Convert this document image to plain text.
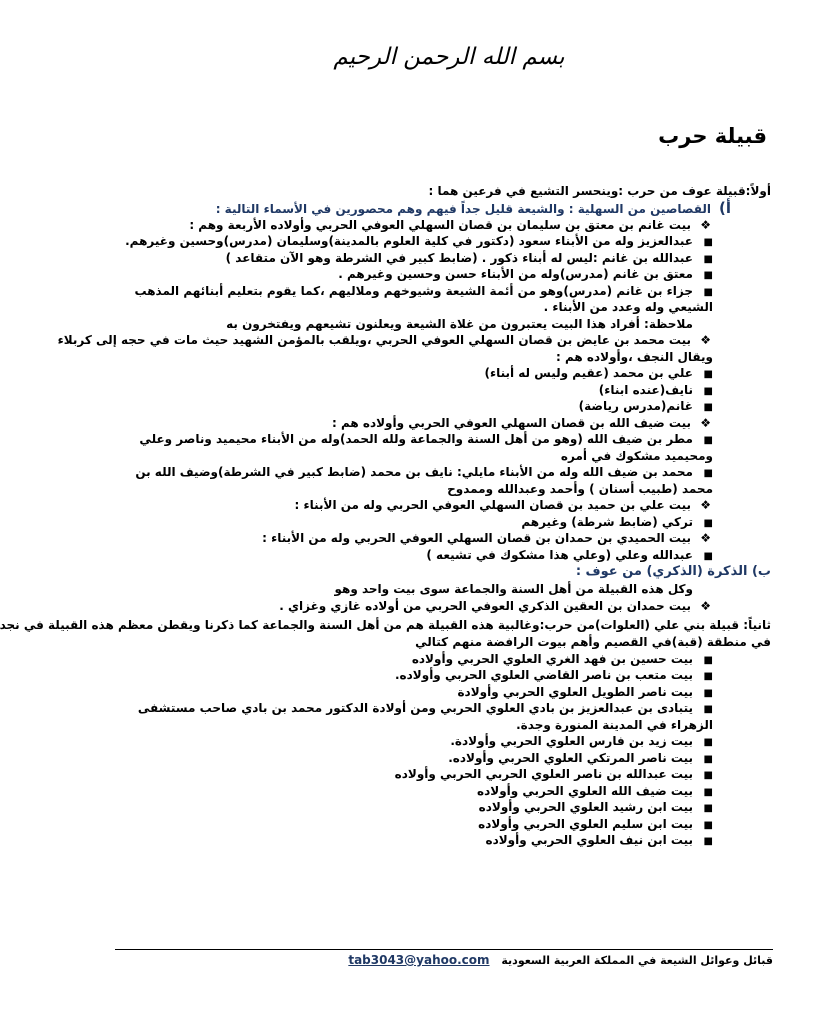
بسم الله الرحمن الرحيم
قبيلة حرب
أولاً:قبيلة عوف من حرب :وينحسر التشيع في فرعين هما :
أ)القصاصين من السهلية : والشيعة قليل جداً فيهم وهم محصورين في الأسماء التالية :
❖بيت غانم بن معتق بن سليمان بن قصان السهلي العوفي الحربي وأولاده الأربعة وهم :
■عبدالعزيز وله من الأبناء سعود (دكتور في كلية العلوم بالمدينة)وسليمان (مدرس)وحسين وغيرهم.
■عبدالله بن غانم :ليس له أبناء ذكور . (ضابط كبير في الشرطة وهو الآن متقاعد )
■معتق بن غانم (مدرس)وله من الأبناء حسن وحسين وغيرهم .
■جزاء بن غانم (مدرس)وهو من أئمة الشيعة وشيوخهم وملاليهم ،كما يقوم بتعليم أبنائهم المذهب
الشيعي وله وعدد من الأبناء .
ملاحظة: أفراد هذا البيت يعتبرون من غلاة الشيعة ويعلنون تشيعهم ويفتخرون به
❖بيت محمد بن عايض بن قصان السهلي العوفي الحربي ،ويلقب بالمؤمن الشهيد حيث مات في حجه إلى كربلاء
ويقال النجف ،وأولاده هم :
■علي بن محمد (عقيم وليس له أبناء)
■نايف(عنده ابناء)
■غانم(مدرس رياضة)
❖بيت ضيف الله بن قصان السهلي العوفي الحربي وأولاده هم :
■مطر بن ضيف الله (وهو من أهل السنة والجماعة ولله الحمد)وله من الأبناء محيميد وناصر وعلي
ومحيميد مشكوك في أمره
■محمد بن ضيف الله وله من الأبناء مايلي: نايف بن محمد (ضابط كبير في الشرطة)وضيف الله بن
محمد (طبيب أسنان ) وأحمد وعبدالله وممدوح
❖بيت علي بن حميد بن قصان السهلي العوفي الحربي وله من الأبناء :
■تركي (ضابط شرطة) وغيرهم
❖بيت الحميدي بن حمدان بن قصان السهلي العوفي الحربي وله من الأبناء :
■عبدالله وعلي (وعلي هذا مشكوك في تشيعه )
ب) الذكرة (الذكري) من عوف :
وكل هذه القبيلة من أهل السنة والجماعة سوى بيت واحد وهو
❖بيت حمدان بن العقين الذكري العوفي الحربي من أولاده غازي وغزاي .
ثانياً: قبيلة بني علي (العلوات)من حرب:وغالبية هذه القبيلة هم من أهل السنة والجماعة كما ذكرنا ويقطن معظم هذه القبيلة في نجد
في منطقة (قبة)في القصيم وأهم بيوت الرافضة منهم كتالي
■بيت حسين بن فهد الغري العلوي الحربي وأولاده
■بيت متعب بن ناصر القاضي العلوي الحربي وأولاده.
■بيت ناصر الطويل العلوي الحربي وأولادة
■يتبادى بن عبدالعزيز بن بادي العلوي الحربي ومن أولادة الدكتور محمد بن بادي صاحب مستشفى
الزهراء في المدينة المنورة وجدة.
■بيت زيد بن فارس العلوي الحربي وأولادة.
■بيت ناصر المرتكي العلوي الحربي وأولاده.
■بيت عبدالله بن ناصر العلوي الحربي الحربي وأولاده
■بيت ضيف الله العلوي الحربي وأولاده
■بيت ابن رشيد العلوي الحربي وأولاده
■بيت ابن سليم العلوي الحربي وأولاده
■بيت ابن نيف العلوي الحربي وأولاده
قبائل وعوائل الشيعة في المملكة العربية السعودية tab3043@yahoo.com
